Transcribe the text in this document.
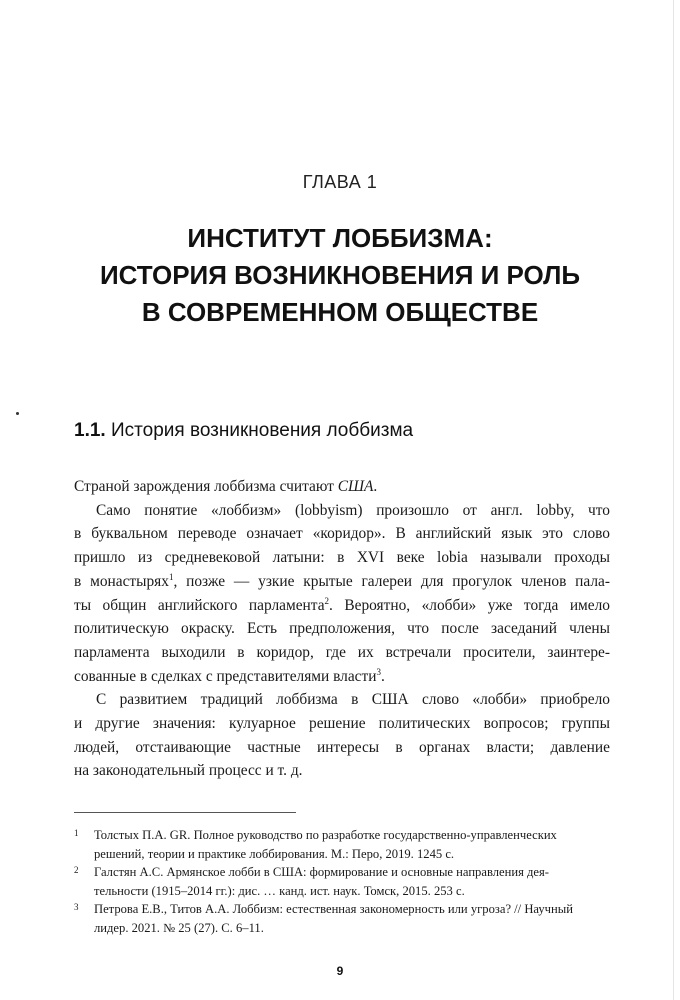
ГЛАВА 1
ИНСТИТУТ ЛОББИЗМА:
ИСТОРИЯ ВОЗНИКНОВЕНИЯ И РОЛЬ
В СОВРЕМЕННОМ ОБЩЕСТВЕ
1.1. История возникновения лоббизма

Страной зарождения лоббизма считают США.

Само понятие «лоббизм» (lobbyism) произошло от англ. lobby, что
в буквальном переводе означает «коридор». В английский язык это слово
пришло из средневековой латыни: в XVI веке lobia называли проходы
в монастырях$^1$, позже — узкие крытые галереи для прогулок членов пала-
ты общин английского парламента$^2$. Вероятно, «лобби» уже тогда имело
политическую окраску. Есть предположения, что после заседаний члены
парламента выходили в коридор, где их встречали просители, заинтере-
сованные в сделках с представителями власти$^3$.

С развитием традиций лоббизма в США слово «лобби» приобрело
и другие значения: кулуарное решение политических вопросов; группы
людей, отстаивающие частные интересы в органах власти; давление
на законодательный процесс и т. д.

1 Толстых П.А. GR. Полное руководство по разработке государственно-управленческих
решений, теории и практике лоббирования. М.: Перо, 2019. 1245 с.
2 Галстян А.С. Армянское лобби в США: формирование и основные направления дея-
тельности (1915–2014 гг.): дис. … канд. ист. наук. Томск, 2015. 253 с.
3 Петрова Е.В., Титов А.А. Лоббизм: естественная закономерность или угроза? // Научный
лидер. 2021. № 25 (27). С. 6–11.
9
